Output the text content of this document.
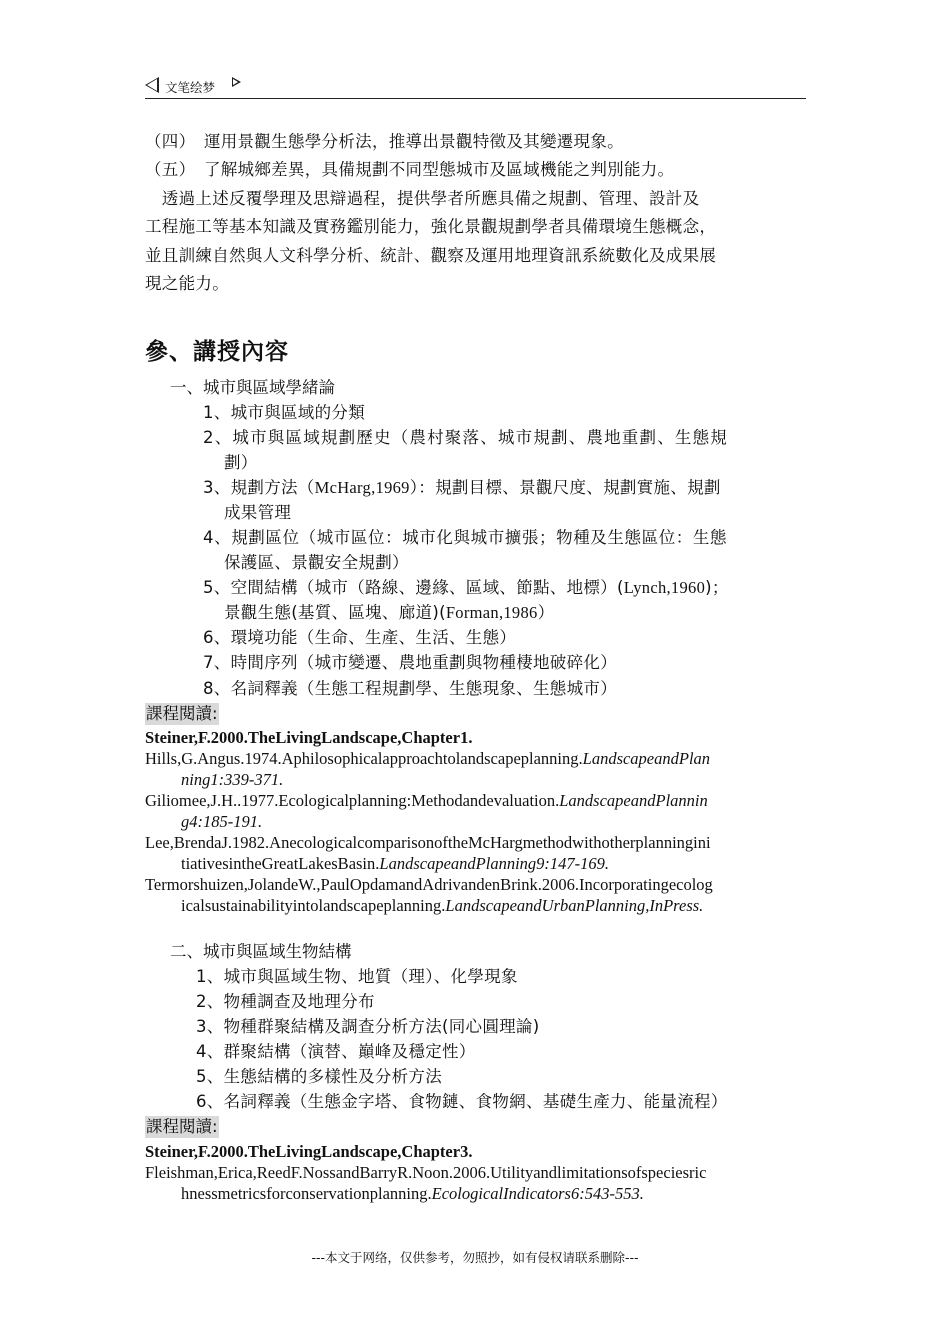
文笔绘梦
（四）　運用景觀生態學分析法，推導出景觀特徵及其變遷現象。
（五）　了解城鄉差異，具備規劃不同型態城市及區域機能之判別能力。
　透過上述反覆學理及思辯過程，提供學者所應具備之規劃、管理、設計及
工程施工等基本知識及實務鑑別能力，強化景觀規劃學者具備環境生態概念，
並且訓練自然與人文科學分析、統計、觀察及運用地理資訊系統數化及成果展
現之能力。
參、講授內容
一、城市與區域學緒論
1、城市與區域的分類
2、城市與區域規劃歷史（農村聚落、城市規劃、農地重劃、生態規
劃）
3、規劃方法（McHarg,1969）：規劃目標、景觀尺度、規劃實施、規劃
成果管理
4、規劃區位（城市區位：城市化與城市擴張；物種及生態區位：生態
保護區、景觀安全規劃）
5、空間結構（城市（路線、邊緣、區域、節點、地標）(Lynch,1960)；
景觀生態(基質、區塊、廊道)(Forman,1986）
6、環境功能（生命、生產、生活、生態）
7、時間序列（城市變遷、農地重劃與物種棲地破碎化）
8、名詞釋義（生態工程規劃學、生態現象、生態城市）
課程閱讀:
Steiner,F.2000.TheLivingLandscape,Chapter1.
Hills,G.Angus.1974.Aphilosophicalapproachtolandscapeplanning.LandscapeandPlan
ning1:339-371.
Giliomee,J.H..1977.Ecologicalplanning:Methodandevaluation.LandscapeandPlannin
g4:185-191.
Lee,BrendaJ.1982.AnecologicalcomparisonoftheMcHargmethodwithotherplanningini
tiativesintheGreatLakesBasin.LandscapeandPlanning9:147-169.
Termorshuizen,JolandeW.,PaulOpdamandAdrivandenBrink.2006.Incorporatingecolog
icalsustainabilityintolandscapeplanning.LandscapeandUrbanPlanning,InPress.
二、城市與區域生物結構
1、城市與區域生物、地質（理）、化學現象
2、物種調查及地理分布
3、物種群聚結構及調查分析方法(同心圓理論)
4、群聚結構（演替、巔峰及穩定性）
5、生態結構的多樣性及分析方法
6、名詞釋義（生態金字塔、食物鏈、食物網、基礎生產力、能量流程）
課程閱讀:
Steiner,F.2000.TheLivingLandscape,Chapter3.
Fleishman,Erica,ReedF.NossandBarryR.Noon.2006.Utilityandlimitationsofspeciesric
hnessmetricsforconservationplanning.EcologicalIndicators6:543-553.
---本文于网络，仅供参考，勿照抄，如有侵权请联系删除---
